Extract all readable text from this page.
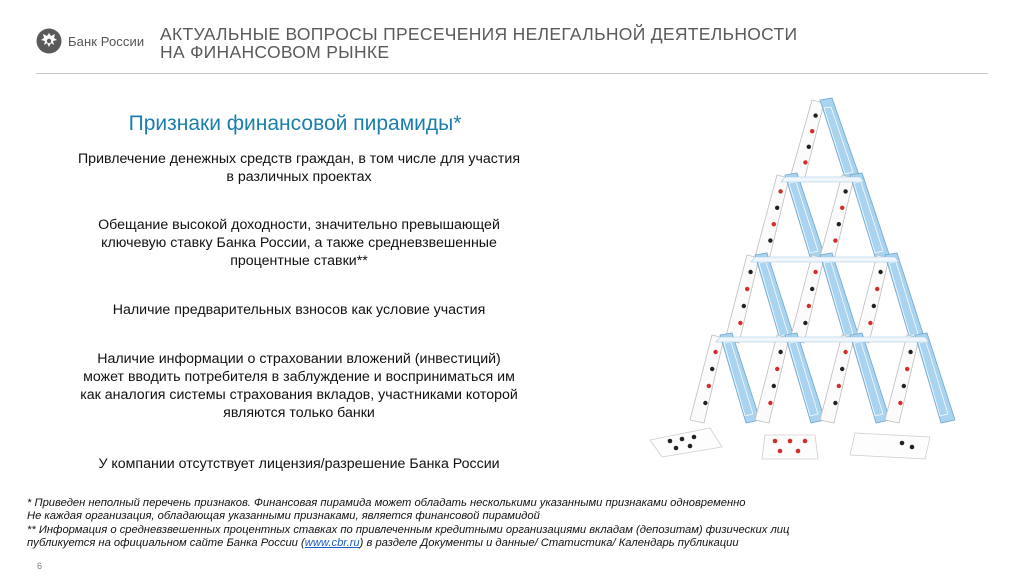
Банк России АКТУАЛЬНЫЕ ВОПРОСЫ ПРЕСЕЧЕНИЯ НЕЛЕГАЛЬНОЙ ДЕЯТЕЛЬНОСТИ
НА ФИНАНСОВОМ РЫНКЕ
Признаки финансовой пирамиды*
Привлечение денежных средств граждан, в том числе для участия
в различных проектах
Обещание высокой доходности, значительно превышающей
ключевую ставку Банка России, а также средневзвешенные
процентные ставки**
Наличие предварительных взносов как условие участия
Наличие информации о страховании вложений (инвестиций)
может вводить потребителя в заблуждение и восприниматься им
как аналогия системы страхования вкладов, участниками которой
являются только банки
У компании отсутствует лицензия/разрешение Банка России
* Приведен неполный перечень признаков. Финансовая пирамида может обладать несколькими указанными признаками одновременно
Не каждая организация, обладающая указанными признаками, является финансовой пирамидой
** Информация о средневзвешенных процентных ставках по привлеченным кредитными организациями вкладам (депозитам) физических лиц
публикуется на официальном сайте Банка России (www.cbr.ru) в разделе Документы и данные/ Статистика/ Календарь публикации
6
